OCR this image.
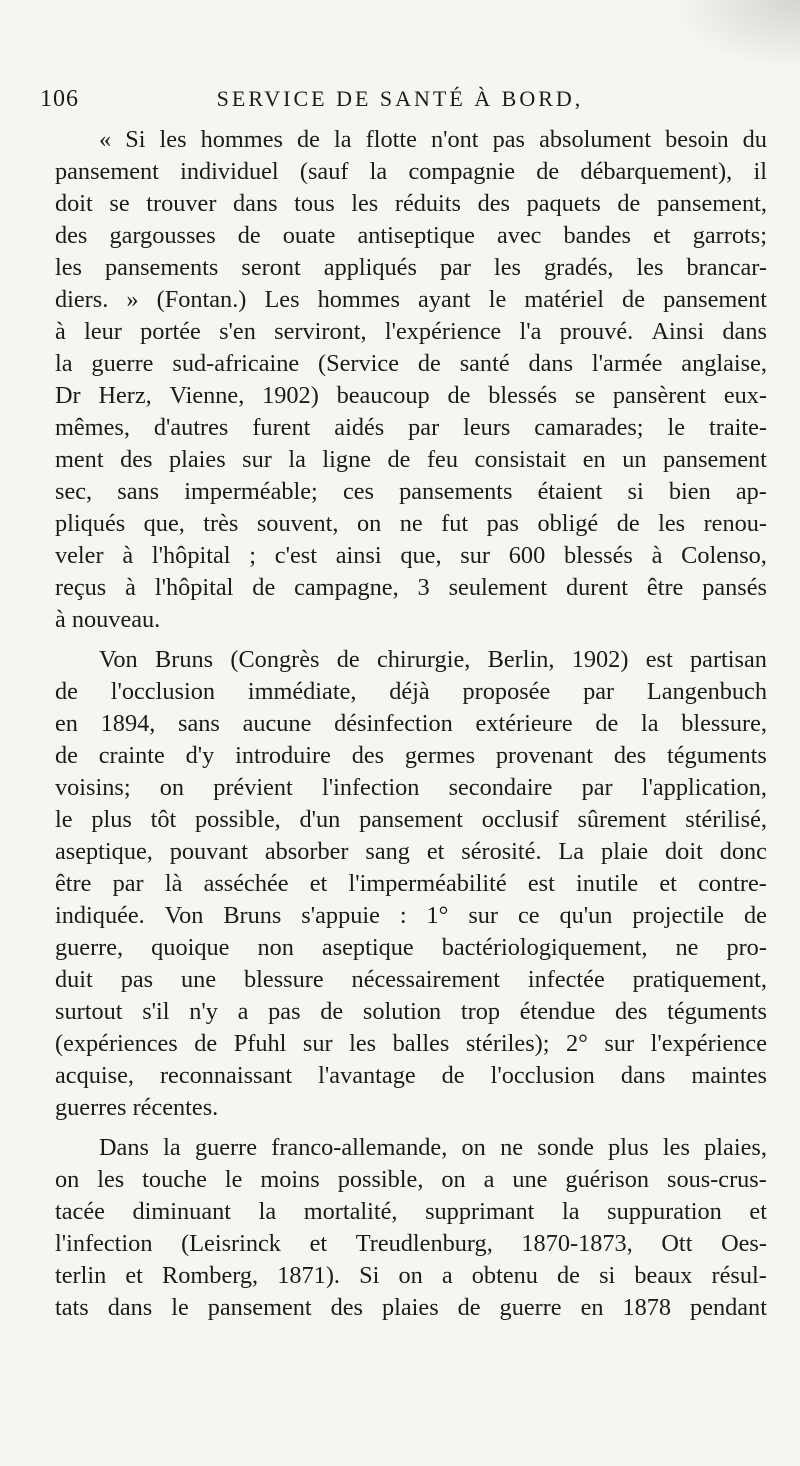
106	SERVICE DE SANTÉ À BORD,
« Si les hommes de la flotte n'ont pas absolument besoin du
pansement individuel (sauf la compagnie de débarquement), il
doit se trouver dans tous les réduits des paquets de pansement,
des gargousses de ouate antiseptique avec bandes et garrots;
les pansements seront appliqués par les gradés, les brancar-
diers. » (Fontan.) Les hommes ayant le matériel de pansement
à leur portée s'en serviront, l'expérience l'a prouvé. Ainsi dans
la guerre sud-africaine (Service de santé dans l'armée anglaise,
Dr Herz, Vienne, 1902) beaucoup de blessés se pansèrent eux-
mêmes, d'autres furent aidés par leurs camarades; le traite-
ment des plaies sur la ligne de feu consistait en un pansement
sec, sans imperméable; ces pansements étaient si bien ap-
pliqués que, très souvent, on ne fut pas obligé de les renou-
veler à l'hôpital ; c'est ainsi que, sur 600 blessés à Colenso,
reçus à l'hôpital de campagne, 3 seulement durent être pansés
à nouveau.
Von Bruns (Congrès de chirurgie, Berlin, 1902) est partisan
de l'occlusion immédiate, déjà proposée par Langenbuch
en 1894, sans aucune désinfection extérieure de la blessure,
de crainte d'y introduire des germes provenant des téguments
voisins; on prévient l'infection secondaire par l'application,
le plus tôt possible, d'un pansement occlusif sûrement stérilisé,
aseptique, pouvant absorber sang et sérosité. La plaie doit donc
être par là asséchée et l'imperméabilité est inutile et contre-
indiquée. Von Bruns s'appuie : 1° sur ce qu'un projectile de
guerre, quoique non aseptique bactériologiquement, ne pro-
duit pas une blessure nécessairement infectée pratiquement,
surtout s'il n'y a pas de solution trop étendue des téguments
(expériences de Pfuhl sur les balles stériles); 2° sur l'expérience
acquise, reconnaissant l'avantage de l'occlusion dans maintes
guerres récentes.
Dans la guerre franco-allemande, on ne sonde plus les plaies,
on les touche le moins possible, on a une guérison sous-crus-
tacée diminuant la mortalité, supprimant la suppuration et
l'infection (Leisrinck et Treudlenburg, 1870-1873, Ott Oes-
terlin et Romberg, 1871). Si on a obtenu de si beaux résul-
tats dans le pansement des plaies de guerre en 1878 pendant
